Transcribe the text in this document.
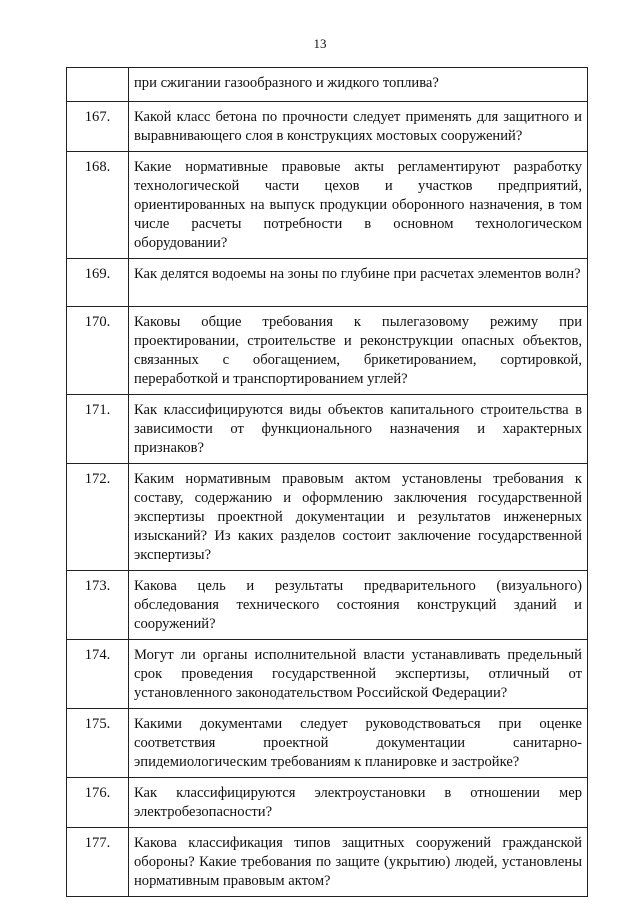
13
	при сжигании газообразного и жидкого топлива?
167.	Какой класс бетона по прочности следует применять для защитного и выравнивающего слоя в конструкциях мостовых сооружений?
168.	Какие нормативные правовые акты регламентируют разработку технологической части цехов и участков предприятий, ориентированных на выпуск продукции оборонного назначения, в том числе расчеты потребности в основном технологическом оборудовании?
169.	Как делятся водоемы на зоны по глубине при расчетах элементов волн?
170.	Каковы общие требования к пылегазовому режиму при проектировании, строительстве и реконструкции опасных объектов, связанных с обогащением, брикетированием, сортировкой, переработкой и транспортированием углей?
171.	Как классифицируются виды объектов капитального строительства в зависимости от функционального назначения и характерных признаков?
172.	Каким нормативным правовым актом установлены требования к составу, содержанию и оформлению заключения государственной экспертизы проектной документации и результатов инженерных изысканий? Из каких разделов состоит заключение государственной экспертизы?
173.	Какова цель и результаты предварительного (визуального) обследования технического состояния конструкций зданий и сооружений?
174.	Могут ли органы исполнительной власти устанавливать предельный срок проведения государственной экспертизы, отличный от установленного законодательством Российской Федерации?
175.	Какими документами следует руководствоваться при оценке соответствия проектной документации санитарно-эпидемиологическим требованиям к планировке и застройке?
176.	Как классифицируются электроустановки в отношении мер электробезопасности?
177.	Какова классификация типов защитных сооружений гражданской обороны? Какие требования по защите (укрытию) людей, установлены нормативным правовым актом?
